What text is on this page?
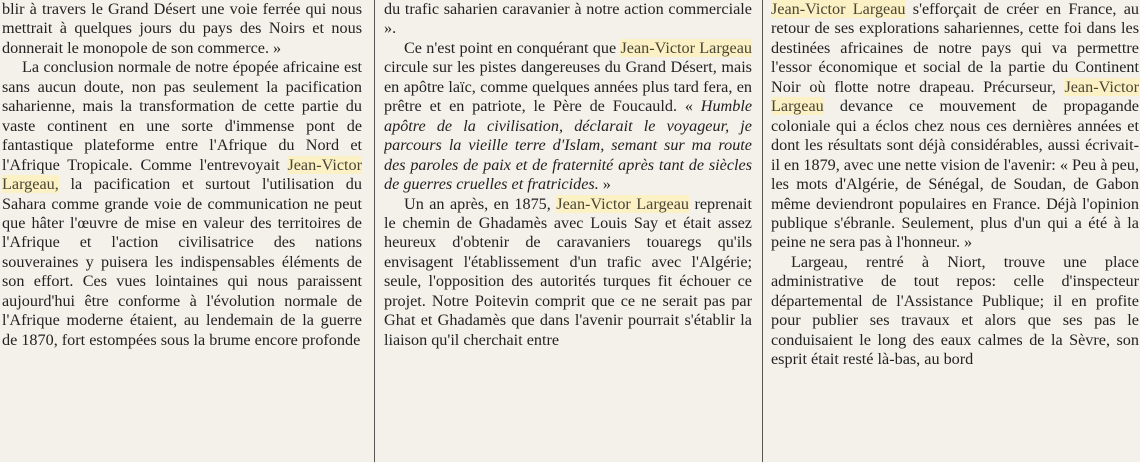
blir à travers le Grand Désert une voie ferrée qui nous mettrait à quelques jours du pays des Noirs et nous donnerait le monopole de son commerce. »

La conclusion normale de notre épopée africaine est sans aucun doute, non pas seulement la pacification saharienne, mais la transformation de cette partie du vaste continent en une sorte d'immense pont de fantastique plateforme entre l'Afrique du Nord et l'Afrique Tropicale. Comme l'entrevoyait Jean-Victor Largeau, la pacification et surtout l'utilisation du Sahara comme grande voie de communication ne peut que hâter l'œuvre de mise en valeur des territoires de l'Afrique et l'action civilisatrice des nations souveraines y puisera les indispensables éléments de son effort. Ces vues lointaines qui nous paraissent aujourd'hui être conforme à l'évolution normale de l'Afrique moderne étaient, au lendemain de la guerre de 1870, fort estompées sous la brume encore profonde

du trafic saharien caravanier à notre action commerciale ».

Ce n'est point en conquérant que Jean-Victor Largeau circule sur les pistes dangereuses du Grand Désert, mais en apôtre laïc, comme quelques années plus tard fera, en prêtre et en patriote, le Père de Foucauld. « Humble apôtre de la civilisation, déclarait le voyageur, je parcours la vieille terre d'Islam, semant sur ma route des paroles de paix et de fraternité après tant de siècles de guerres cruelles et fratricides. »

Un an après, en 1875, Jean-Victor Largeau reprenait le chemin de Ghadamès avec Louis Say et était assez heureux d'obtenir de caravaniers touaregs qu'ils envisagent l'établissement d'un trafic avec l'Algérie; seule, l'opposition des autorités turques fit échouer ce projet. Notre Poitevin comprit que ce ne serait pas par Ghat et Ghadamès que dans l'avenir pourrait s'établir la liaison qu'il cherchait entre

Jean-Victor Largeau s'efforçait de créer en France, au retour de ses explorations sahariennes, cette foi dans les destinées africaines de notre pays qui va permettre l'essor économique et social de la partie du Continent Noir où flotte notre drapeau. Précurseur, Jean-Victor Largeau devance ce mouvement de propagande coloniale qui a éclos chez nous ces dernières années et dont les résultats sont déjà considérables, aussi écrivait-il en 1879, avec une nette vision de l'avenir: « Peu à peu, les mots d'Algérie, de Sénégal, de Soudan, de Gabon même deviendront populaires en France. Déjà l'opinion publique s'ébranle. Seulement, plus d'un qui a été à la peine ne sera pas à l'honneur. »

Largeau, rentré à Niort, trouve une place administrative de tout repos: celle d'inspecteur départemental de l'Assistance Publique; il en profite pour publier ses travaux et alors que ses pas le conduisaient le long des eaux calmes de la Sèvre, son esprit était resté là-bas, au bord
